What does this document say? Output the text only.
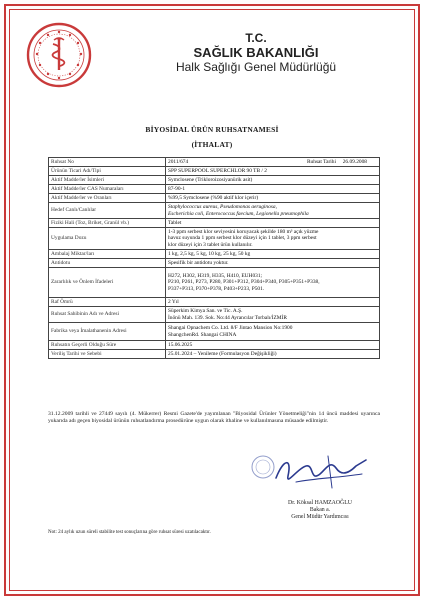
T.C.
SAĞLIK BAKANLIĞI
Halk Sağlığı Genel Müdürlüğü
BİYOSİDAL ÜRÜN RUHSATNAMESİ
(İTHALAT)
Ruhsat No	2011/674 Ruhsat Tarihi 26.09.2008

Ürünün Ticari Adı/Tipi	SPP SUPERPOOL SUPERCHLOR 90 TB / 2
Aktif Madde/ler İsimleri	Symclosene (Trikloroizosiyanürik asit)
Aktif Madde/ler CAS Numaraları	87-90-1
Aktif Madde/ler ve Oranları	%99,5 Symclosene (%90 aktif klor içerir)
Hedef Canlı/Canlılar	Staphylococcus aureus, Pseudomonas aeruginosa,
Escherichia coli, Enterococcus faecium, Legionella pneumophila

Fiziki Hali (Toz, Briket, Granül vb.)	Tablet
Uygulama Dozu	1-3 ppm serbest klor seviyesini koruyacak şekilde 180 m³ açık yüzme
havuz suyunda 1 ppm serbest klor düzeyi için 1 tablet, 3 ppm serbest
klor düzeyi için 3 tablet ürün kullanılır.

Ambalaj Miktar/ları	1 kg, 2,5 kg, 5 kg, 10 kg, 25 kg, 50 kg
Antidotu	Spesifik bir antidotu yoktur.
Zararlılık ve Önlem İfadeleri	H272, H302, H319, H335, H410, EUH031;
P210, P261, P273, P280, P301+P312, P304+P340, P305+P351+P338,
P337+P313, P370+P378, P403+P233, P501.

Raf Ömrü	2 Yıl
Ruhsat Sahibinin Adı ve Adresi	Süperkim Kimya San. ve Tic. A.Ş.
İnönü Mah. 139. Sok. No:44 Ayrancılar Torbalı/İZMİR

Fabrika veya İmalathanenin Adresi	Shangai Opnachem Co. Ltd. 8/F Jintao Mansion No:1900
ShangchenRd. Shangai CHINA

Ruhsatın Geçerli Olduğu Süre	15.06.2025
Veriliş Tarihi ve Sebebi	25.01.2024 – Yenileme (Formulasyon Değişikliği)
31.12.2009 tarihli ve 27449 sayılı (4. Mükerrer) Resmi Gazete'de yayımlanan "Biyosidal Ürünler Yönetmeliği"nin 14 üncü maddesi uyarınca yukarıda adı geçen biyosidal ürünün ruhsatlandırma prosedürüne uygun olarak ithaline ve kullanılmasına müsaade edilmiştir.
Dr. Köksal HAMZAOĞLU
Bakan a.
Genel Müdür Yardımcısı
Not: 24 aylık uzun süreli stabilite test sonuçlarına göre ruhsat süresi uzatılacaktır.
